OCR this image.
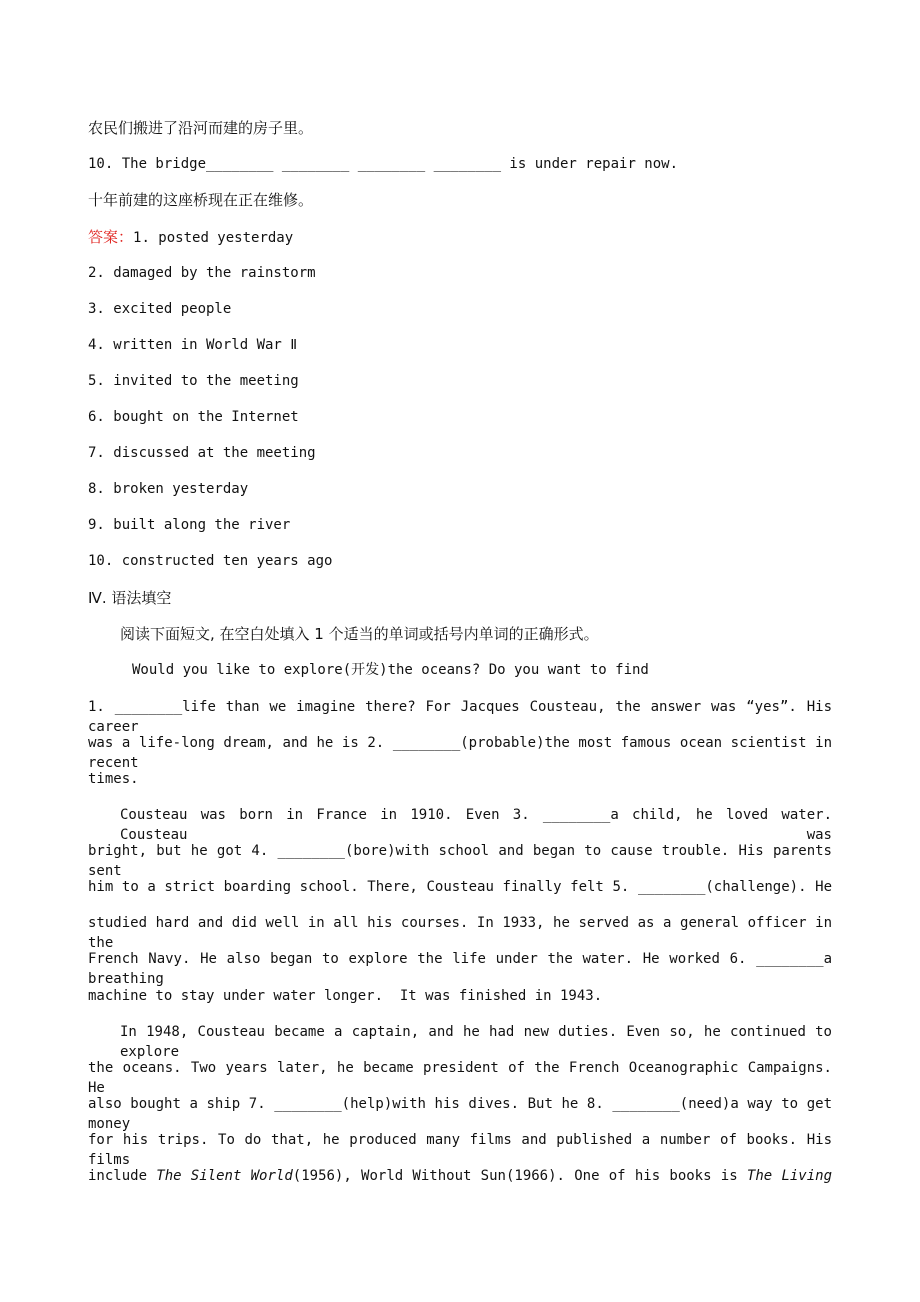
农民们搬进了沿河而建的房子里。
10. The bridge________ ________ ________ ________ is under repair now.
十年前建的这座桥现在正在维修。
答案：1. posted yesterday
2. damaged by the rainstorm
3. excited people
4. written in World War Ⅱ
5. invited to the meeting
6. bought on the Internet
7. discussed at the meeting
8. broken yesterday
9. built along the river
10. constructed ten years ago
Ⅳ. 语法填空
阅读下面短文, 在空白处填入 1 个适当的单词或括号内单词的正确形式。
Would you like to explore(开发)the oceans? Do you want to find
1. ________life than we imagine there? For Jacques Cousteau, the answer was “yes”. His career
was a life-long dream, and he is 2. ________(probable)the most famous ocean scientist in recent
times.
Cousteau was born in France in 1910. Even 3. ________a child, he loved water. Cousteau was
bright, but he got 4. ________(bore)with school and began to cause trouble. His parents sent
him to a strict boarding school. There, Cousteau finally felt 5. ________(challenge). He
studied hard and did well in all his courses. In 1933, he served as a general officer in the
French Navy. He also began to explore the life under the water. He worked 6. ________a breathing
machine to stay under water longer.  It was finished in 1943.
In 1948, Cousteau became a captain, and he had new duties. Even so, he continued to explore
the oceans. Two years later, he became president of the French Oceanographic Campaigns. He
also bought a ship 7. ________(help)with his dives. But he 8. ________(need)a way to get money
for his trips. To do that, he produced many films and published a number of books. His films
include The Silent World(1956), World Without Sun(1966). One of his books is The Living
